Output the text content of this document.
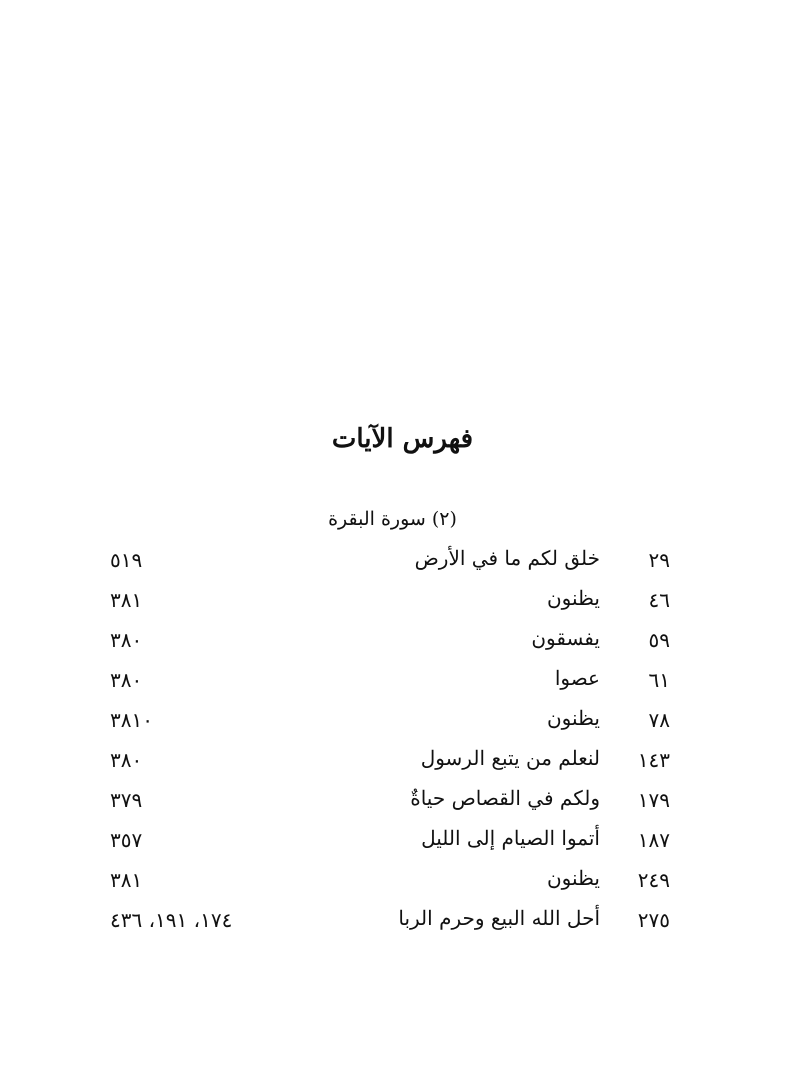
فهرس الآيات
(٢) سورة البقرة
٢٩
خلق لكم ما في الأرض
٥١٩
٤٦
يظنون
٣٨١
٥٩
يفسقون
٣٨٠
٦١
عصوا
٣٨٠
٧٨
يظنون
٣٨١٠
١٤٣
لنعلم من يتبع الرسول
٣٨٠
١٧٩
ولكم في القصاص حياةٌ
٣٧٩
١٨٧
أتموا الصيام إلى الليل
٣٥٧
٢٤٩
يظنون
٣٨١
٢٧٥
أحل الله البيع وحرم الربا
١٧٤، ١٩١، ٤٣٦
